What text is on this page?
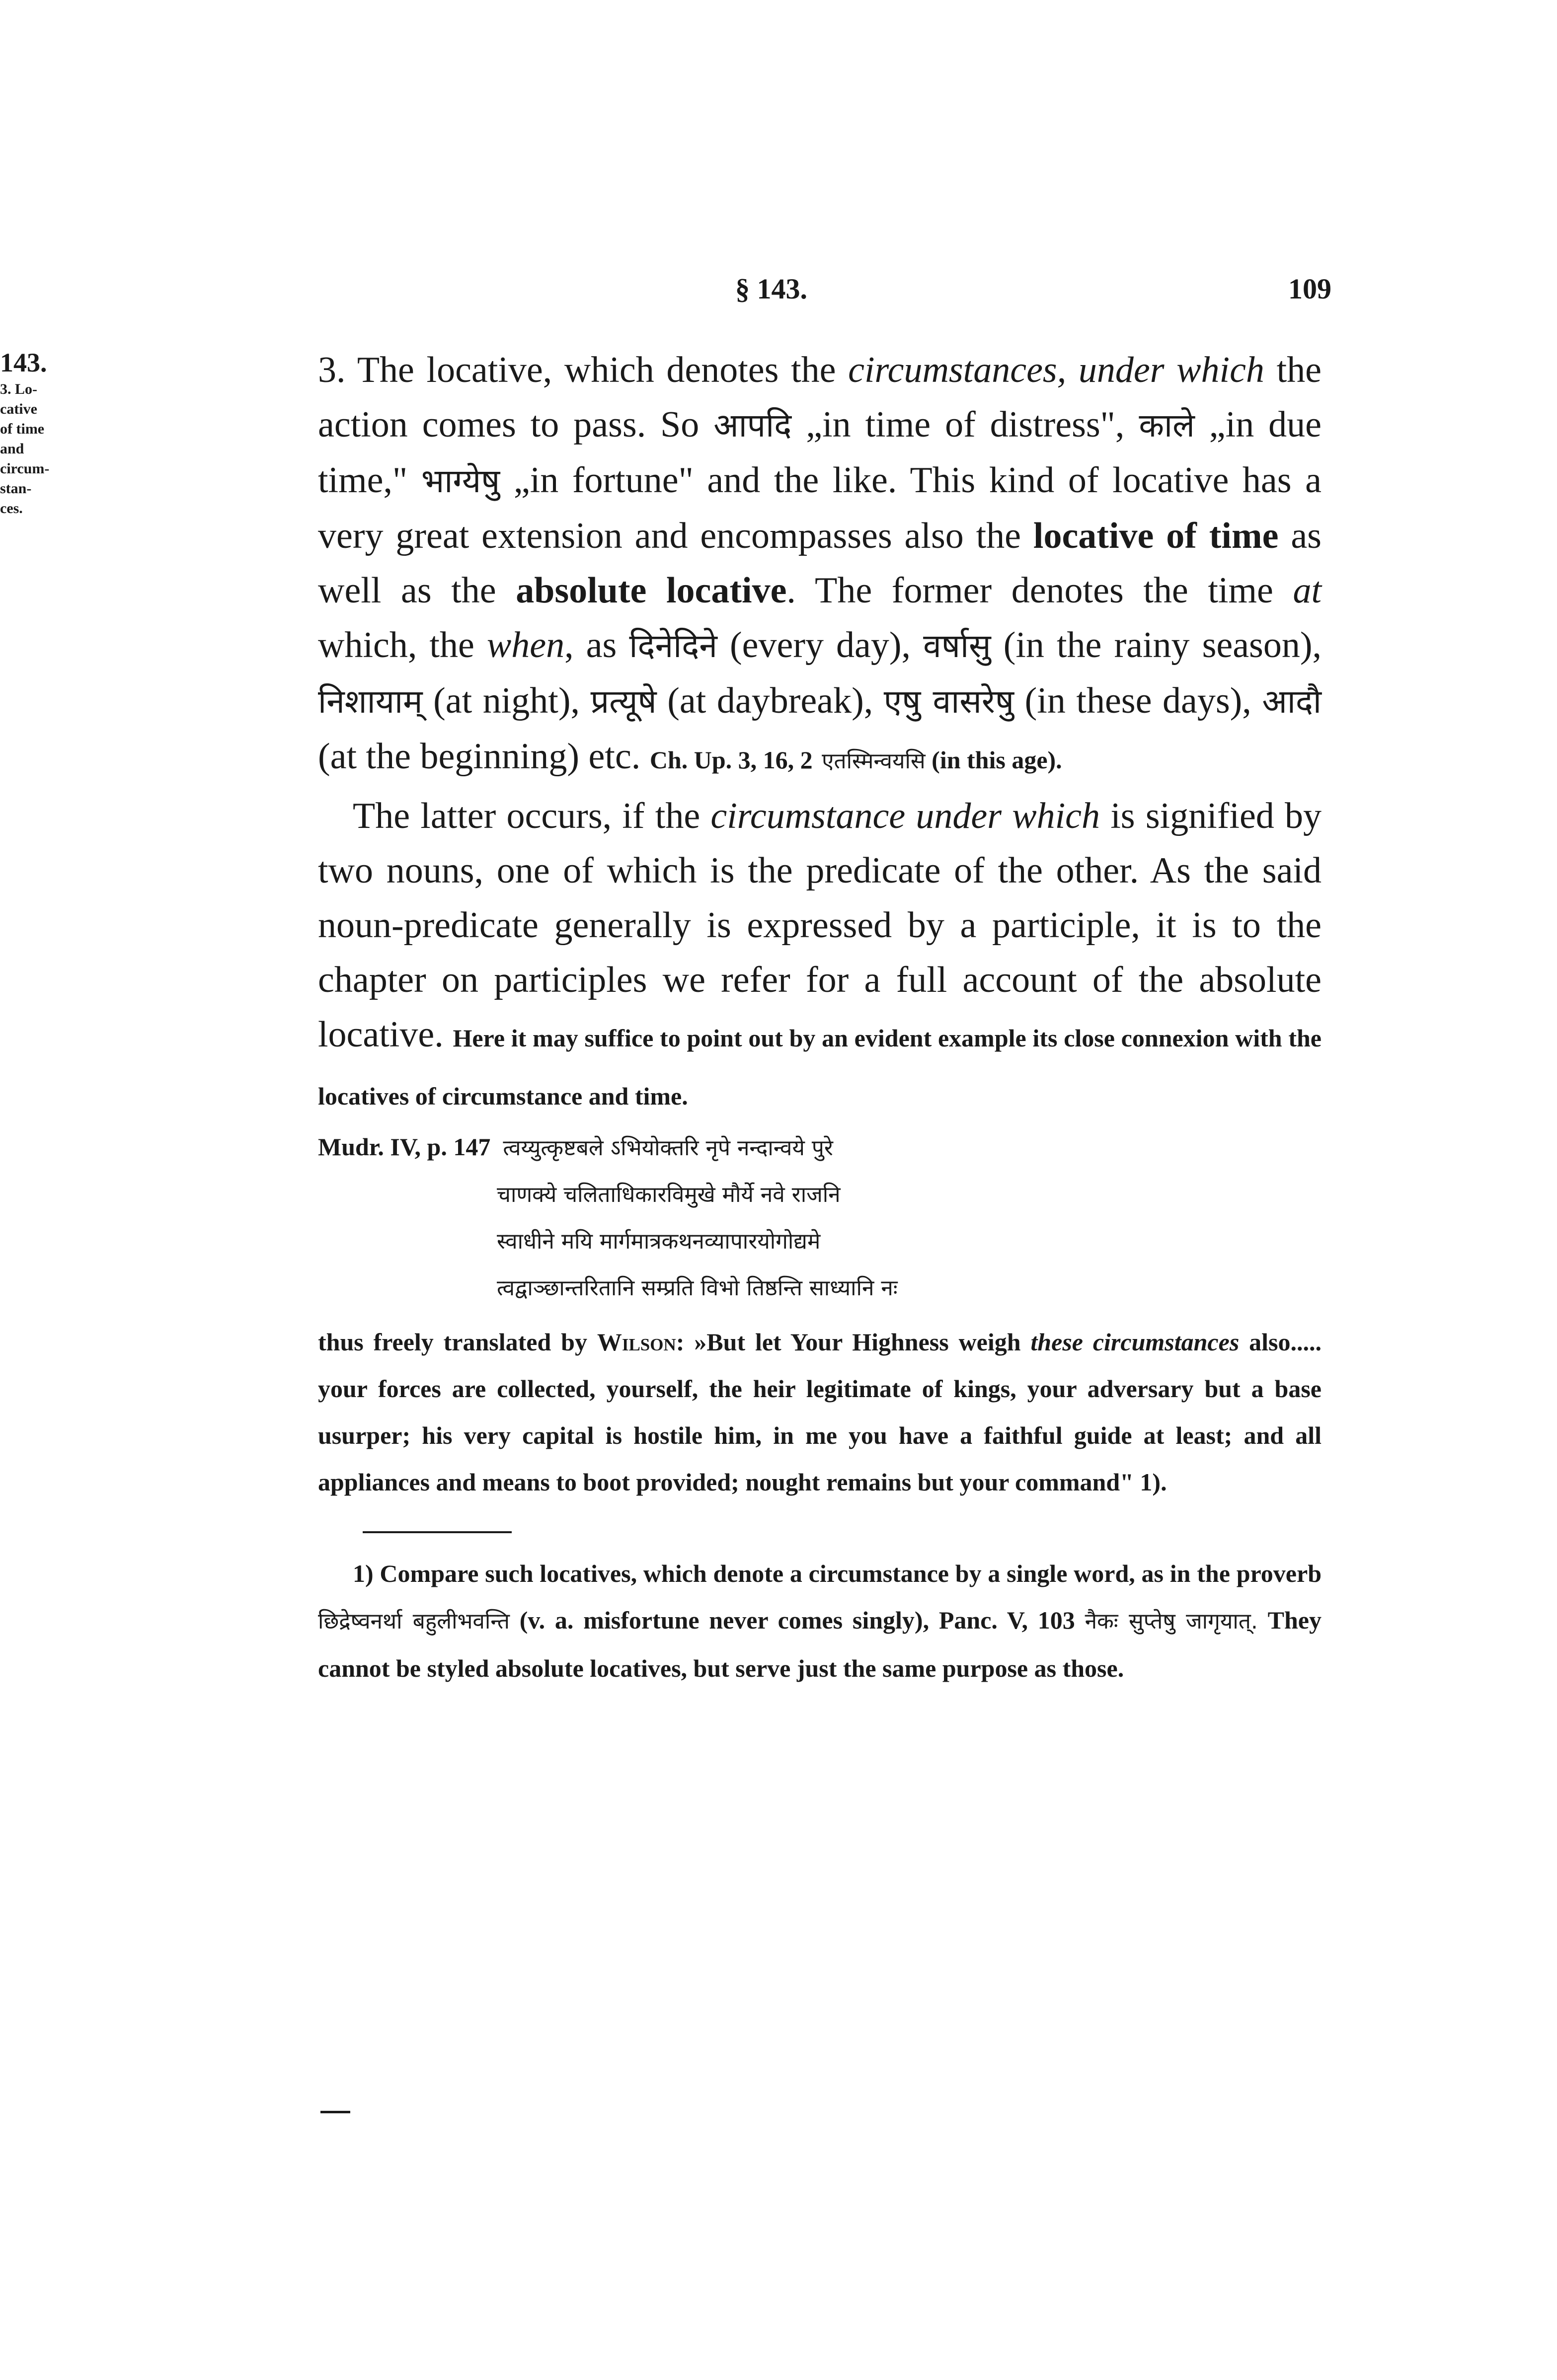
§ 143.	109
143.
3. Lo-
cative
of time
and
circum-
stan-
ces.

3. The locative, which denotes the circumstances, under which the action comes to pass. So आपदि „in time of distress", काले „in due time," भाग्येषु „in fortune" and the like. This kind of locative has a very great extension and encompasses also the locative of time as well as the absolute locative. The former denotes the time at which, the when, as दिनेदिने (every day), वर्षासु (in the rainy season), निशायाम् (at night), प्रत्यूषे (at daybreak), एषु वासरेषु (in these days), आदौ (at the beginning) etc. Ch. Up. 3, 16, 2 एतस्मिन्वयसि (in this age).

The latter occurs, if the circumstance under which is signified by two nouns, one of which is the predicate of the other. As the said noun-predicate generally is expressed by a participle, it is to the chapter on participles we refer for a full account of the absolute locative. Here it may suffice to point out by an evident example its close connexion with the locatives of circumstance and time.

Mudr. IV, p. 147 त्वय्युत्कृष्टबले ऽभियोक्तरि नृपे नन्दान्वये पुरे

चाणक्ये चलिताधिकारविमुखे मौर्ये नवे राजनि

स्वाधीने मयि मार्गमात्रकथनव्यापारयोगोद्यमे

त्वद्वाञ्छान्तरितानि सम्प्रति विभो तिष्ठन्ति साध्यानि नः

thus freely translated by Wilson: »But let Your Highness weigh these circumstances also..... your forces are collected, yourself, the heir legitimate of kings, your adversary but a base usurper; his very capital is hostile him, in me you have a faithful guide at least; and all appliances and means to boot provided; nought remains but your command" 1).

1) Compare such locatives, which denote a circumstance by a single word, as in the proverb छिद्रेष्वनर्था बहुलीभवन्ति (v. a. misfortune never comes singly), Panc. V, 103 नैकः सुप्तेषु जागृयात्. They cannot be styled absolute locatives, but serve just the same purpose as those.
